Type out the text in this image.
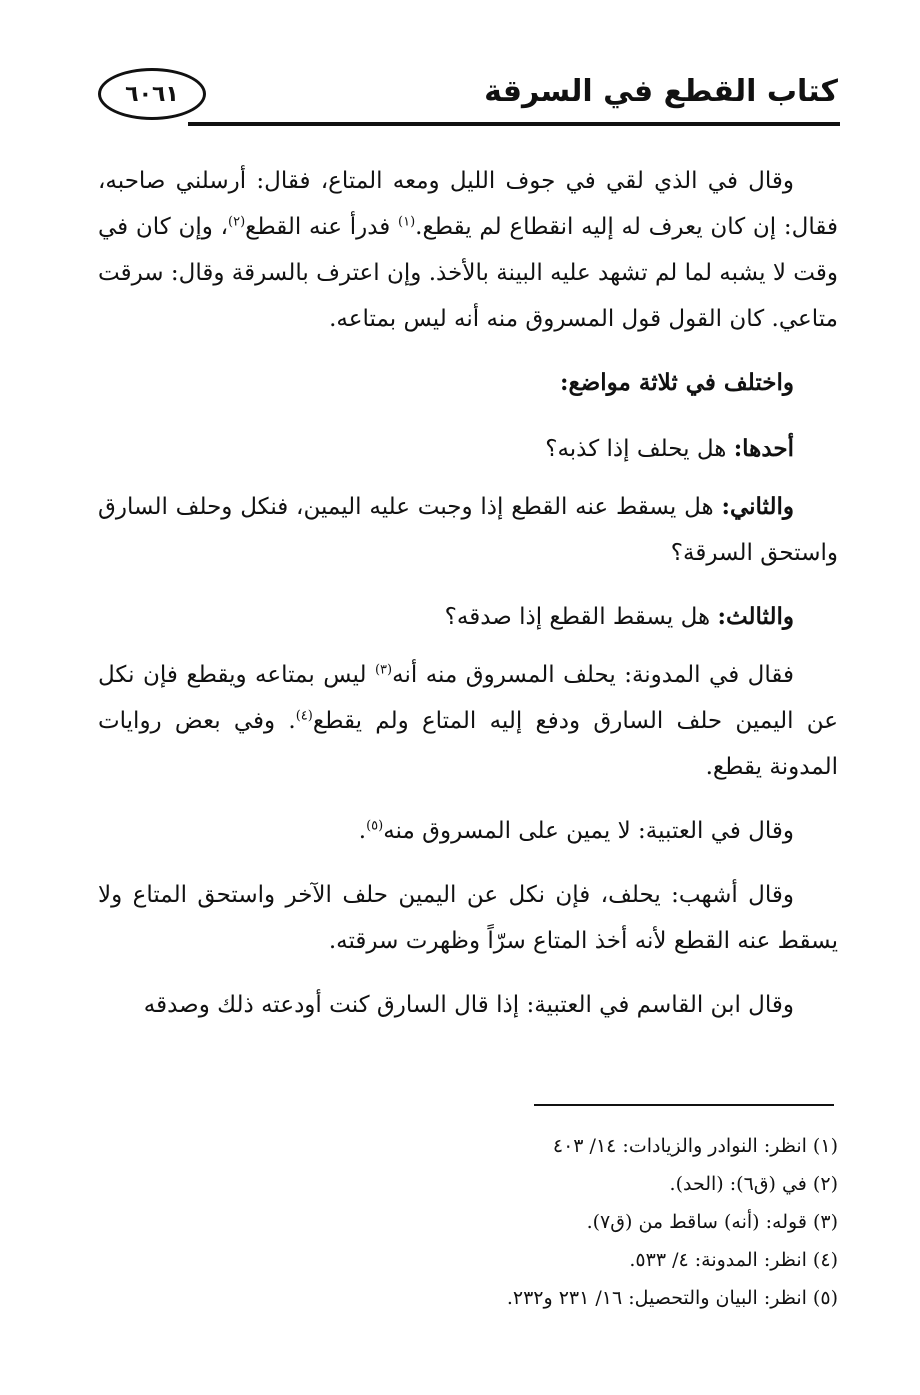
كتاب القطع في السرقة
٦٠٦١

وقال في الذي لقي في جوف الليل ومعه المتاع، فقال: أرسلني صاحبه، فقال: إن كان يعرف له إليه انقطاع لم يقطع.$^{(١)}$ فدرأ عنه القطع$^{(٢)}$، وإن كان في وقت لا يشبه لما لم تشهد عليه البينة بالأخذ. وإن اعترف بالسرقة وقال: سرقت متاعي. كان القول قول المسروق منه أنه ليس بمتاعه.

واختلف في ثلاثة مواضع:

أحدها: هل يحلف إذا كذبه؟

والثاني: هل يسقط عنه القطع إذا وجبت عليه اليمين، فنكل وحلف السارق واستحق السرقة؟

والثالث: هل يسقط القطع إذا صدقه؟

فقال في المدونة: يحلف المسروق منه أنه$^{(٣)}$ ليس بمتاعه ويقطع فإن نكل عن اليمين حلف السارق ودفع إليه المتاع ولم يقطع$^{(٤)}$. وفي بعض روايات المدونة يقطع.

وقال في العتبية: لا يمين على المسروق منه$^{(٥)}$.

وقال أشهب: يحلف، فإن نكل عن اليمين حلف الآخر واستحق المتاع ولا يسقط عنه القطع لأنه أخذ المتاع سرّاً وظهرت سرقته.

وقال ابن القاسم في العتبية: إذا قال السارق كنت أودعته ذلك وصدقه

(١) انظر: النوادر والزيادات: ١٤/ ٤٠٣

(٢) في (ق٦): (الحد).

(٣) قوله: (أنه) ساقط من (ق٧).

(٤) انظر: المدونة: ٤/ ٥٣٣.

(٥) انظر: البيان والتحصيل: ١٦/ ٢٣١ و٢٣٢.
